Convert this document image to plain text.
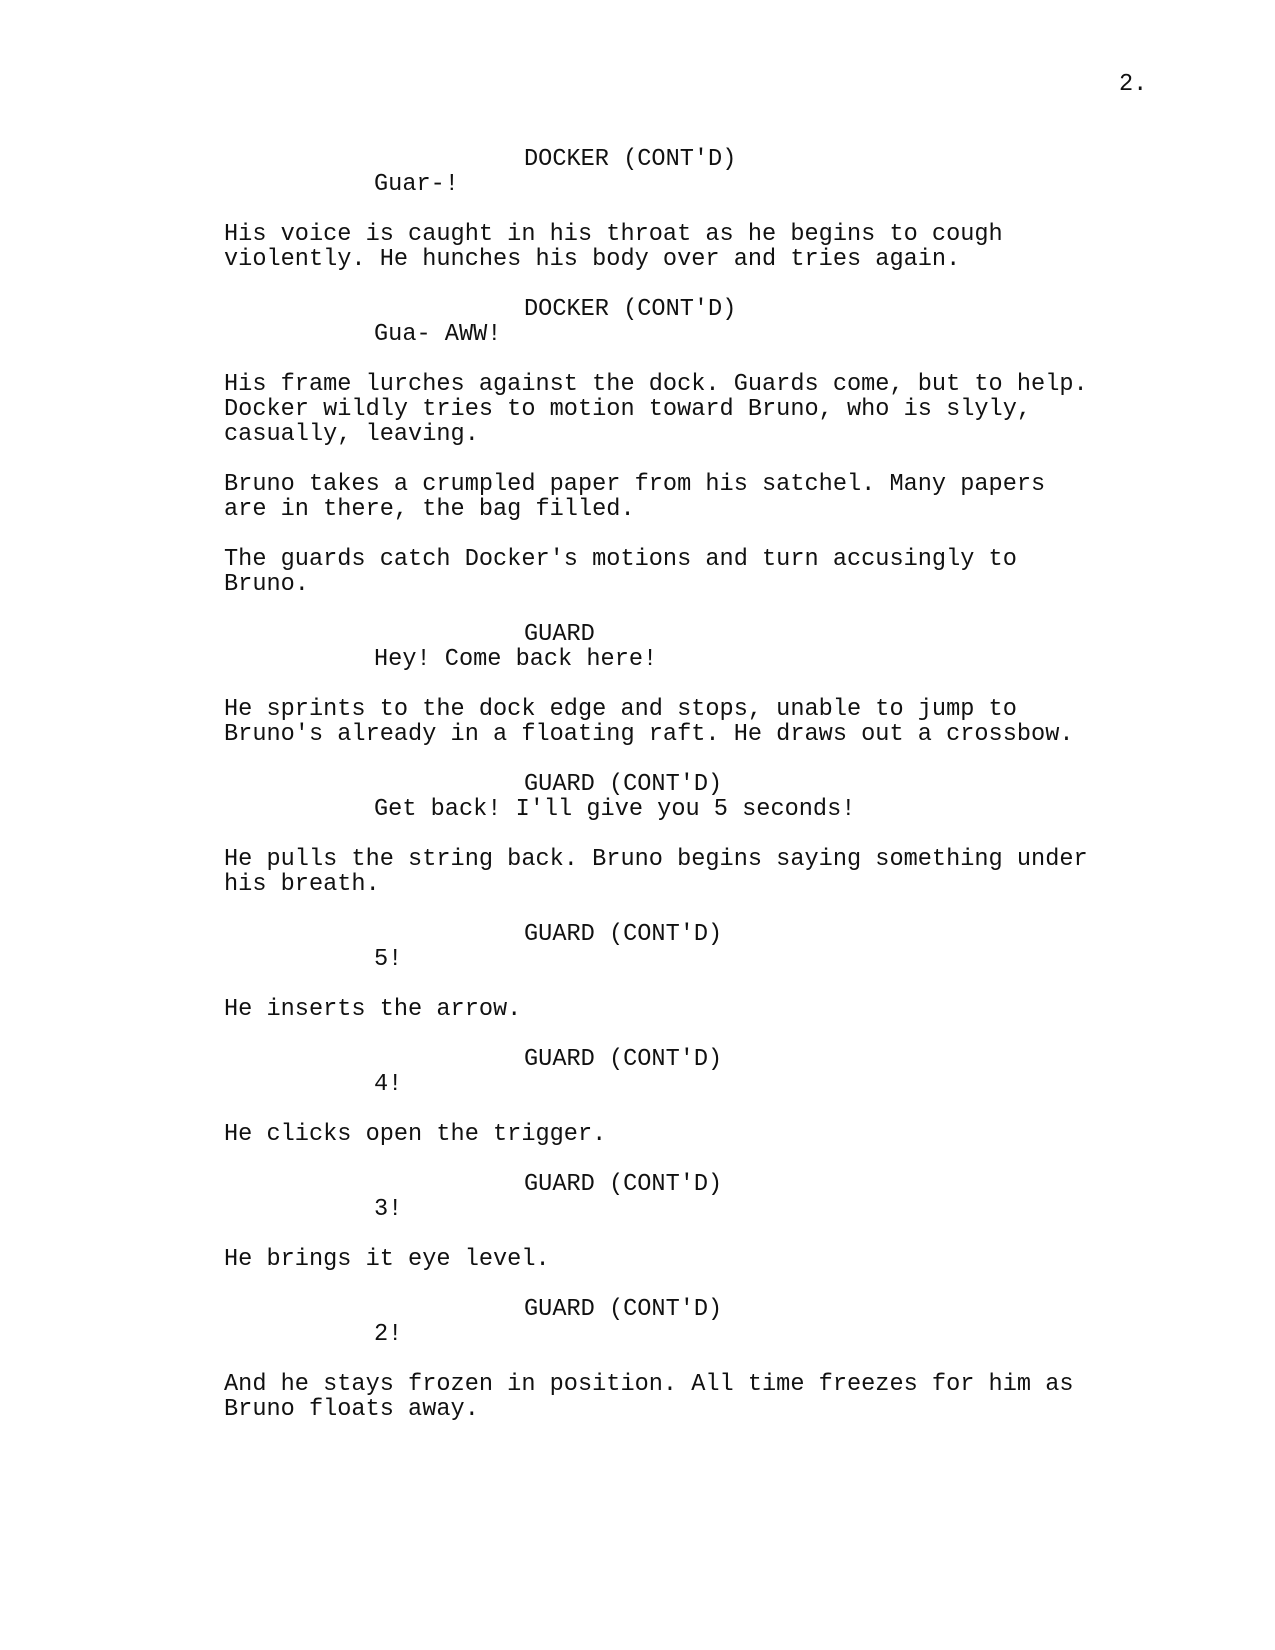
2.
DOCKER (CONT'D)
Guar-!
His voice is caught in his throat as he begins to cough
violently. He hunches his body over and tries again.
DOCKER (CONT'D)
Gua- AWW!
His frame lurches against the dock. Guards come, but to help.
Docker wildly tries to motion toward Bruno, who is slyly,
casually, leaving.
Bruno takes a crumpled paper from his satchel. Many papers
are in there, the bag filled.
The guards catch Docker's motions and turn accusingly to
Bruno.
GUARD
Hey! Come back here!
He sprints to the dock edge and stops, unable to jump to
Bruno's already in a floating raft. He draws out a crossbow.
GUARD (CONT'D)
Get back! I'll give you 5 seconds!
He pulls the string back. Bruno begins saying something under
his breath.
GUARD (CONT'D)
5!
He inserts the arrow.
GUARD (CONT'D)
4!
He clicks open the trigger.
GUARD (CONT'D)
3!
He brings it eye level.
GUARD (CONT'D)
2!
And he stays frozen in position. All time freezes for him as
Bruno floats away.
